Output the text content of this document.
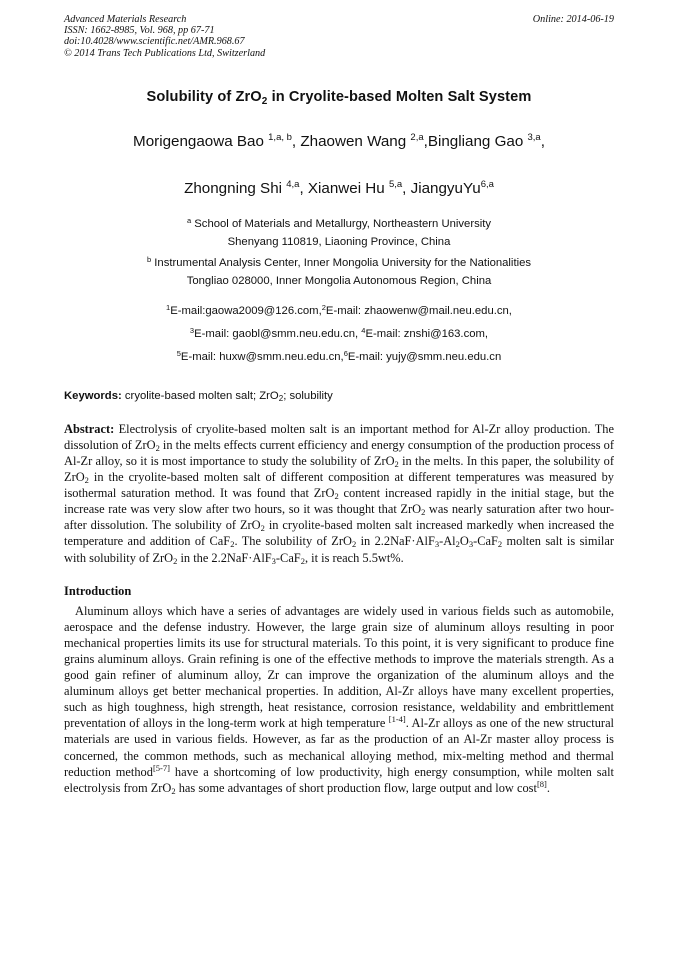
Advanced Materials Research
ISSN: 1662-8985, Vol. 968, pp 67-71
doi:10.4028/www.scientific.net/AMR.968.67
© 2014 Trans Tech Publications Ltd, Switzerland
Online: 2014-06-19
Solubility of ZrO$_2$ in Cryolite-based Molten Salt System
Morigengaowa Bao $^{1,a, b}$, Zhaowen Wang $^{2,a}$,Bingliang Gao $^{3,a}$,
Zhongning Shi $^{4,a}$, Xianwei Hu $^{5,a}$, JiangyuYu$^{6,a}$
$^a$ School of Materials and Metallurgy, Northeastern University
Shenyang 110819, Liaoning Province, China
$^b$ Instrumental Analysis Center, Inner Mongolia University for the Nationalities
Tongliao 028000, Inner Mongolia Autonomous Region, China
$^1$E-mail:gaowa2009@126.com,$^2$E-mail: zhaowenw@mail.neu.edu.cn,
$^3$E-mail: gaobl@smm.neu.edu.cn, $^4$E-mail: znshi@163.com,
$^5$E-mail: huxw@smm.neu.edu.cn,$^6$E-mail: yujy@smm.neu.edu.cn
Keywords: cryolite-based molten salt; ZrO$_2$; solubility

Abstract: Electrolysis of cryolite-based molten salt is an important method for Al-Zr alloy production. The dissolution of ZrO$_2$ in the melts effects current efficiency and energy consumption of the production process of Al-Zr alloy, so it is most importance to study the solubility of ZrO$_2$ in the melts. In this paper, the solubility of ZrO$_2$ in the cryolite-based molten salt of different composition at different temperatures was measured by isothermal saturation method. It was found that ZrO$_2$ content increased rapidly in the initial stage, but the increase rate was very slow after two hours, so it was thought that ZrO$_2$ was nearly saturation after two hour-after dissolution. The solubility of ZrO$_2$ in cryolite-based molten salt increased markedly when increased the temperature and addition of CaF$_2$. The solubility of ZrO$_2$ in $2.2NaF\cdot AlF_3-Al_2O_3-CaF_2$ molten salt is similar with solubility of ZrO$_2$ in the 2.2NaF·AlF$_3$-CaF$_2$, it is reach 5.5wt%.

Introduction

Aluminum alloys which have a series of advantages are widely used in various fields such as automobile, aerospace and the defense industry. However, the large grain size of aluminum alloys resulting in poor mechanical properties limits its use for structural materials. To this point, it is very significant to produce fine grains aluminum alloys. Grain refining is one of the effective methods to improve the materials strength. As a good gain refiner of aluminum alloy, Zr can improve the organization of the aluminum alloys and the aluminum alloys get better mechanical properties. In addition, Al-Zr alloys have many excellent properties, such as high toughness, high strength, heat resistance, corrosion resistance, weldability and embrittlement preventation of alloys in the long-term work at high temperature [1-4]. Al-Zr alloys as one of the new structural materials are used in various fields. However, as far as the production of an Al-Zr master alloy process is concerned, the common methods, such as mechanical alloying method, mix-melting method and thermal reduction method[5-7] have a shortcoming of low productivity, high energy consumption, while molten salt electrolysis from ZrO$_2$ has some advantages of short production flow, large output and low cost[8].
